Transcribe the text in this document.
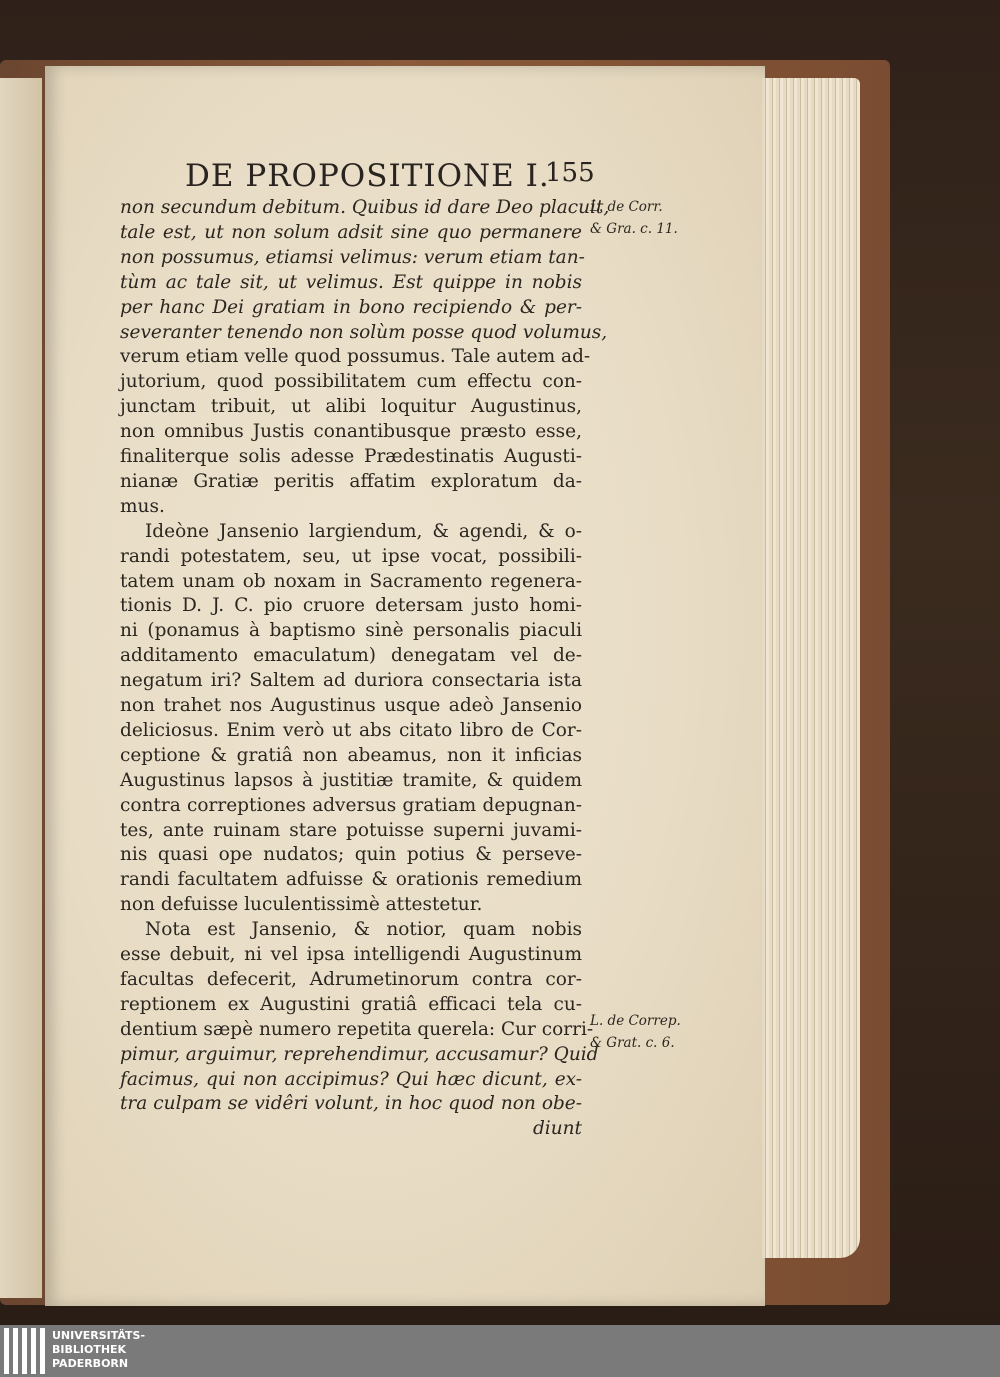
DE PROPOSITIONE I.
155
non secundum debitum. Quibus id dare Deo placuit,
tale est, ut non solum adsit sine quo permanere
non possumus, etiamsi velimus: verum etiam tan-
tùm ac tale sit, ut velimus. Est quippe in nobis
per hanc Dei gratiam in bono recipiendo & per-
severanter tenendo non solùm posse quod volumus,
verum etiam velle quod possumus. Tale autem ad-
jutorium, quod possibilitatem cum effectu con-
junctam tribuit, ut alibi loquitur Augustinus,
non omnibus Justis conantibusque præsto esse,
finaliterque solis adesse Prædestinatis Augusti-
nianæ Gratiæ peritis affatim exploratum da-
mus.
Ideòne Jansenio largiendum, & agendi, & o-
randi potestatem, seu, ut ipse vocat, possibili-
tatem unam ob noxam in Sacramento regenera-
tionis D. J. C. pio cruore detersam justo homi-
ni (ponamus à baptismo sinè personalis piaculi
additamento emaculatum) denegatam vel de-
negatum iri? Saltem ad duriora consectaria ista
non trahet nos Augustinus usque adeò Jansenio
deliciosus. Enim verò ut abs citato libro de Cor-
ceptione & gratiâ non abeamus, non it inficias
Augustinus lapsos à justitiæ tramite, & quidem
contra correptiones adversus gratiam depugnan-
tes, ante ruinam stare potuisse superni juvami-
nis quasi ope nudatos; quin potius & perseve-
randi facultatem adfuisse & orationis remedium
non defuisse luculentissimè attestetur.
Nota est Jansenio, & notior, quam nobis
esse debuit, ni vel ipsa intelligendi Augustinum
facultas defecerit, Adrumetinorum contra cor-
reptionem ex Augustini gratiâ efficaci tela cu-
dentium sæpè numero repetita querela: Cur corri-
pimur, arguimur, reprehendimur, accusamur? Quid
facimus, qui non accipimus? Qui hæc dicunt, ex-
tra culpam se vidêri volunt, in hoc quod non obe-
diunt
L. de Corr.
& Gra. c. 11.
L. de Correp.
& Grat. c. 6.
UNIVERSITÄTS-
BIBLIOTHEK
PADERBORN
